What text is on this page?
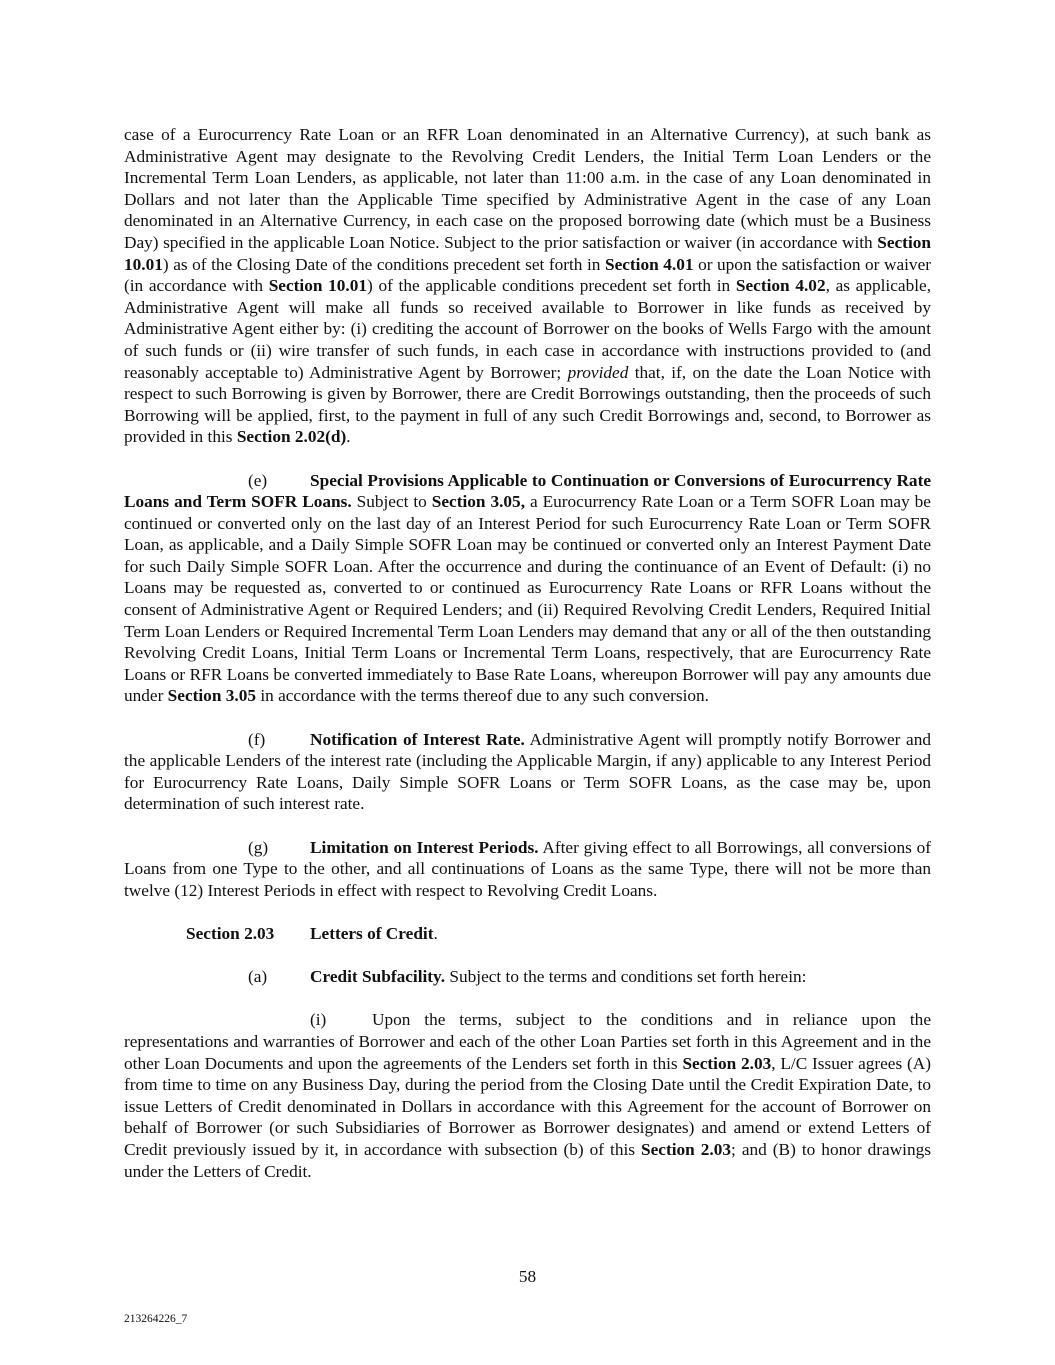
case of a Eurocurrency Rate Loan or an RFR Loan denominated in an Alternative Currency), at such bank as Administrative Agent may designate to the Revolving Credit Lenders, the Initial Term Loan Lenders or the Incremental Term Loan Lenders, as applicable, not later than 11:00 a.m. in the case of any Loan denominated in Dollars and not later than the Applicable Time specified by Administrative Agent in the case of any Loan denominated in an Alternative Currency, in each case on the proposed borrowing date (which must be a Business Day) specified in the applicable Loan Notice. Subject to the prior satisfaction or waiver (in accordance with Section 10.01) as of the Closing Date of the conditions precedent set forth in Section 4.01 or upon the satisfaction or waiver (in accordance with Section 10.01) of the applicable conditions precedent set forth in Section 4.02, as applicable, Administrative Agent will make all funds so received available to Borrower in like funds as received by Administrative Agent either by: (i) crediting the account of Borrower on the books of Wells Fargo with the amount of such funds or (ii) wire transfer of such funds, in each case in accordance with instructions provided to (and reasonably acceptable to) Administrative Agent by Borrower; provided that, if, on the date the Loan Notice with respect to such Borrowing is given by Borrower, there are Credit Borrowings outstanding, then the proceeds of such Borrowing will be applied, first, to the payment in full of any such Credit Borrowings and, second, to Borrower as provided in this Section 2.02(d).

(e) Special Provisions Applicable to Continuation or Conversions of Eurocurrency Rate Loans and Term SOFR Loans. Subject to Section 3.05, a Eurocurrency Rate Loan or a Term SOFR Loan may be continued or converted only on the last day of an Interest Period for such Eurocurrency Rate Loan or Term SOFR Loan, as applicable, and a Daily Simple SOFR Loan may be continued or converted only an Interest Payment Date for such Daily Simple SOFR Loan. After the occurrence and during the continuance of an Event of Default: (i) no Loans may be requested as, converted to or continued as Eurocurrency Rate Loans or RFR Loans without the consent of Administrative Agent or Required Lenders; and (ii) Required Revolving Credit Lenders, Required Initial Term Loan Lenders or Required Incremental Term Loan Lenders may demand that any or all of the then outstanding Revolving Credit Loans, Initial Term Loans or Incremental Term Loans, respectively, that are Eurocurrency Rate Loans or RFR Loans be converted immediately to Base Rate Loans, whereupon Borrower will pay any amounts due under Section 3.05 in accordance with the terms thereof due to any such conversion.

(f)	Notification of Interest Rate. Administrative Agent will promptly notify Borrower and the applicable Lenders of the interest rate (including the Applicable Margin, if any) applicable to any Interest Period for Eurocurrency Rate Loans, Daily Simple SOFR Loans or Term SOFR Loans, as the case may be, upon determination of such interest rate.

(g) Limitation on Interest Periods. After giving effect to all Borrowings, all conversions of Loans from one Type to the other, and all continuations of Loans as the same Type, there will not be more than twelve (12) Interest Periods in effect with respect to Revolving Credit Loans.

Section 2.03 Letters of Credit.

(a) Credit Subfacility. Subject to the terms and conditions set forth herein:

(i)	Upon the terms, subject to the conditions and in reliance upon the representations and warranties of Borrower and each of the other Loan Parties set forth in this Agreement and in the other Loan Documents and upon the agreements of the Lenders set forth in this Section 2.03, L/C Issuer agrees (A) from time to time on any Business Day, during the period from the Closing Date until the Credit Expiration Date, to issue Letters of Credit denominated in Dollars in accordance with this Agreement for the account of Borrower on behalf of Borrower (or such Subsidiaries of Borrower as Borrower designates) and amend or extend Letters of Credit previously issued by it, in accordance with subsection (b) of this Section 2.03; and (B) to honor drawings under the Letters of Credit.

58
213264226_7
